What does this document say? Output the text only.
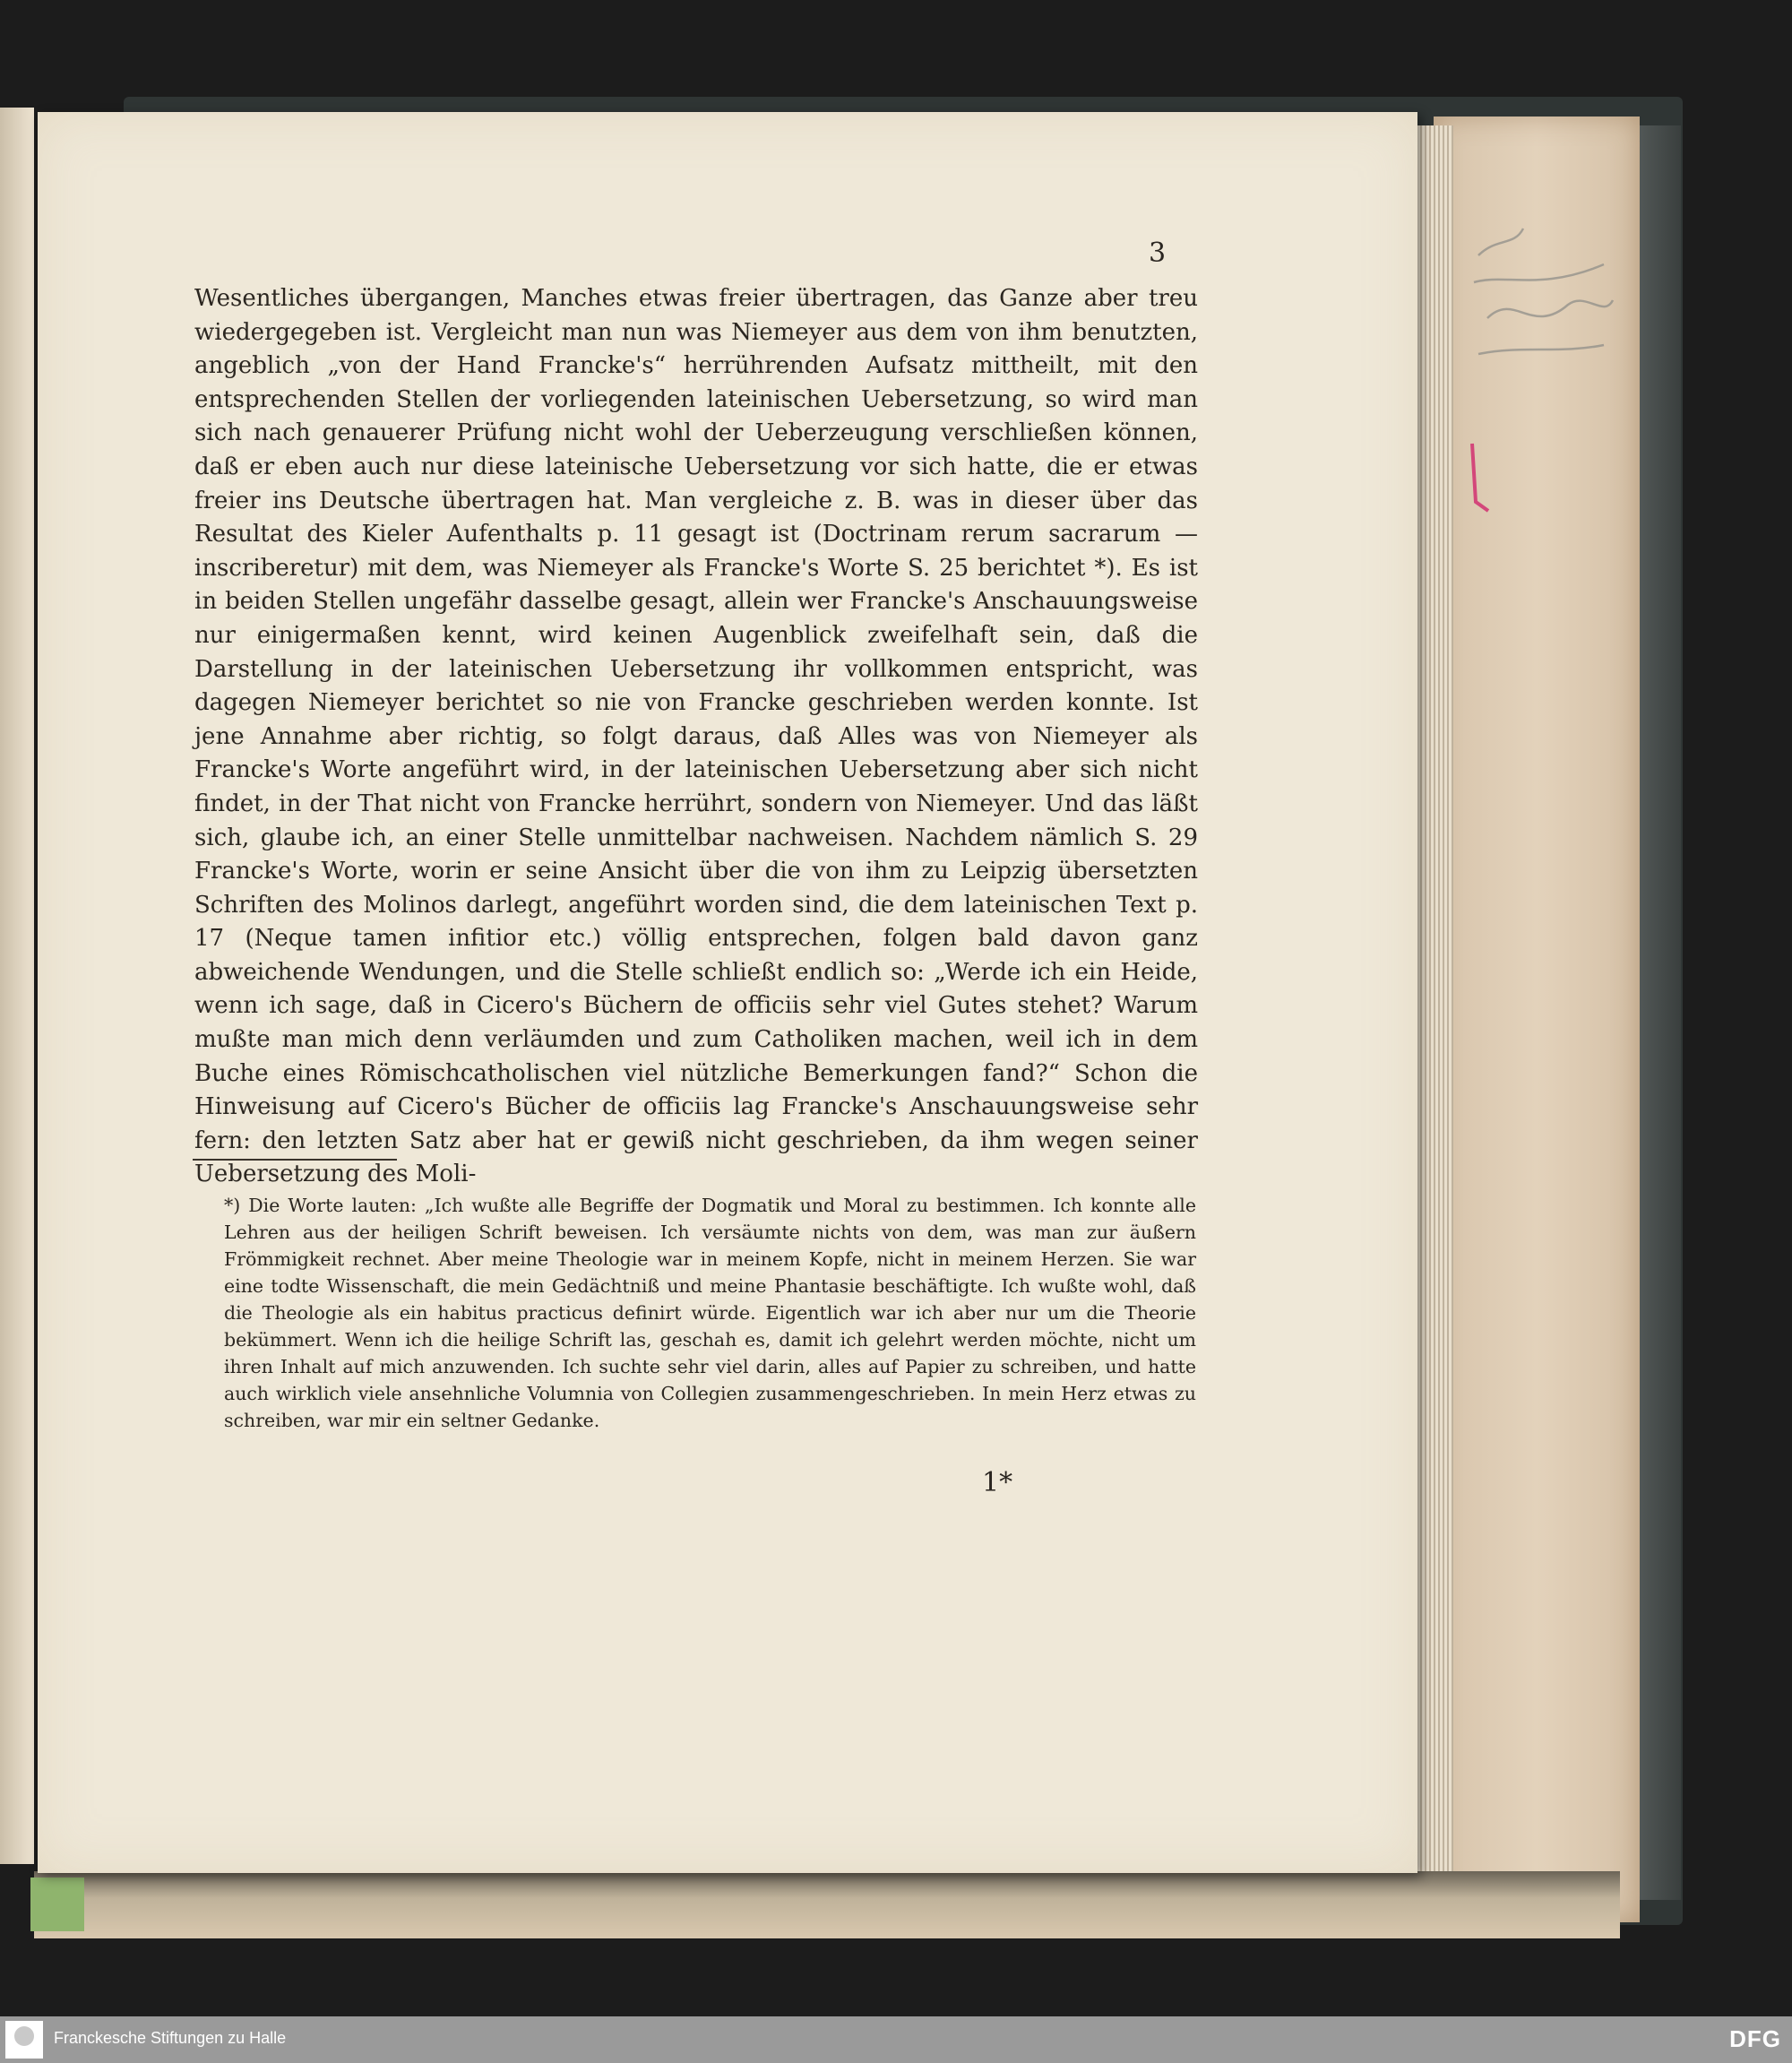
3

Wesentliches übergangen, Manches etwas freier übertragen, das Ganze aber treu wiedergegeben ist. Vergleicht man nun was Niemeyer aus dem von ihm benutzten, angeblich „von der Hand Francke's“ herrührenden Aufsatz mittheilt, mit den entsprechenden Stellen der vorliegenden lateinischen Uebersetzung, so wird man sich nach genauerer Prüfung nicht wohl der Ueberzeugung verschließen können, daß er eben auch nur diese lateinische Uebersetzung vor sich hatte, die er etwas freier ins Deutsche übertragen hat. Man vergleiche z. B. was in dieser über das Resultat des Kieler Aufenthalts p. 11 gesagt ist (Doctrinam rerum sacrarum — inscriberetur) mit dem, was Niemeyer als Francke's Worte S. 25 berichtet *). Es ist in beiden Stellen ungefähr dasselbe gesagt, allein wer Francke's Anschauungsweise nur einigermaßen kennt, wird keinen Augenblick zweifelhaft sein, daß die Darstellung in der lateinischen Uebersetzung ihr vollkommen entspricht, was dagegen Niemeyer berichtet so nie von Francke geschrieben werden konnte. Ist jene Annahme aber richtig, so folgt daraus, daß Alles was von Niemeyer als Francke's Worte angeführt wird, in der lateinischen Uebersetzung aber sich nicht findet, in der That nicht von Francke herrührt, sondern von Niemeyer. Und das läßt sich, glaube ich, an einer Stelle unmittelbar nachweisen. Nachdem nämlich S. 29 Francke's Worte, worin er seine Ansicht über die von ihm zu Leipzig übersetzten Schriften des Molinos darlegt, angeführt worden sind, die dem lateinischen Text p. 17 (Neque tamen infitior etc.) völlig entsprechen, folgen bald davon ganz abweichende Wendungen, und die Stelle schließt endlich so: „Werde ich ein Heide, wenn ich sage, daß in Cicero's Büchern de officiis sehr viel Gutes stehet? Warum mußte man mich denn verläumden und zum Catholiken machen, weil ich in dem Buche eines Römischcatholischen viel nützliche Bemerkungen fand?“ Schon die Hinweisung auf Cicero's Bücher de officiis lag Francke's Anschauungsweise sehr fern: den letzten Satz aber hat er gewiß nicht geschrieben, da ihm wegen seiner Uebersetzung des Moli-

*) Die Worte lauten: „Ich wußte alle Begriffe der Dogmatik und Moral zu bestimmen. Ich konnte alle Lehren aus der heiligen Schrift beweisen. Ich versäumte nichts von dem, was man zur äußern Frömmigkeit rechnet. Aber meine Theologie war in meinem Kopfe, nicht in meinem Herzen. Sie war eine todte Wissenschaft, die mein Gedächtniß und meine Phantasie beschäftigte. Ich wußte wohl, daß die Theologie als ein habitus practicus definirt würde. Eigentlich war ich aber nur um die Theorie bekümmert. Wenn ich die heilige Schrift las, geschah es, damit ich gelehrt werden möchte, nicht um ihren Inhalt auf mich anzuwenden. Ich suchte sehr viel darin, alles auf Papier zu schreiben, und hatte auch wirklich viele ansehnliche Volumnia von Collegien zusammengeschrieben. In mein Herz etwas zu schreiben, war mir ein seltner Gedanke.

1*
Franckesche Stiftungen zu Halle	DFG
